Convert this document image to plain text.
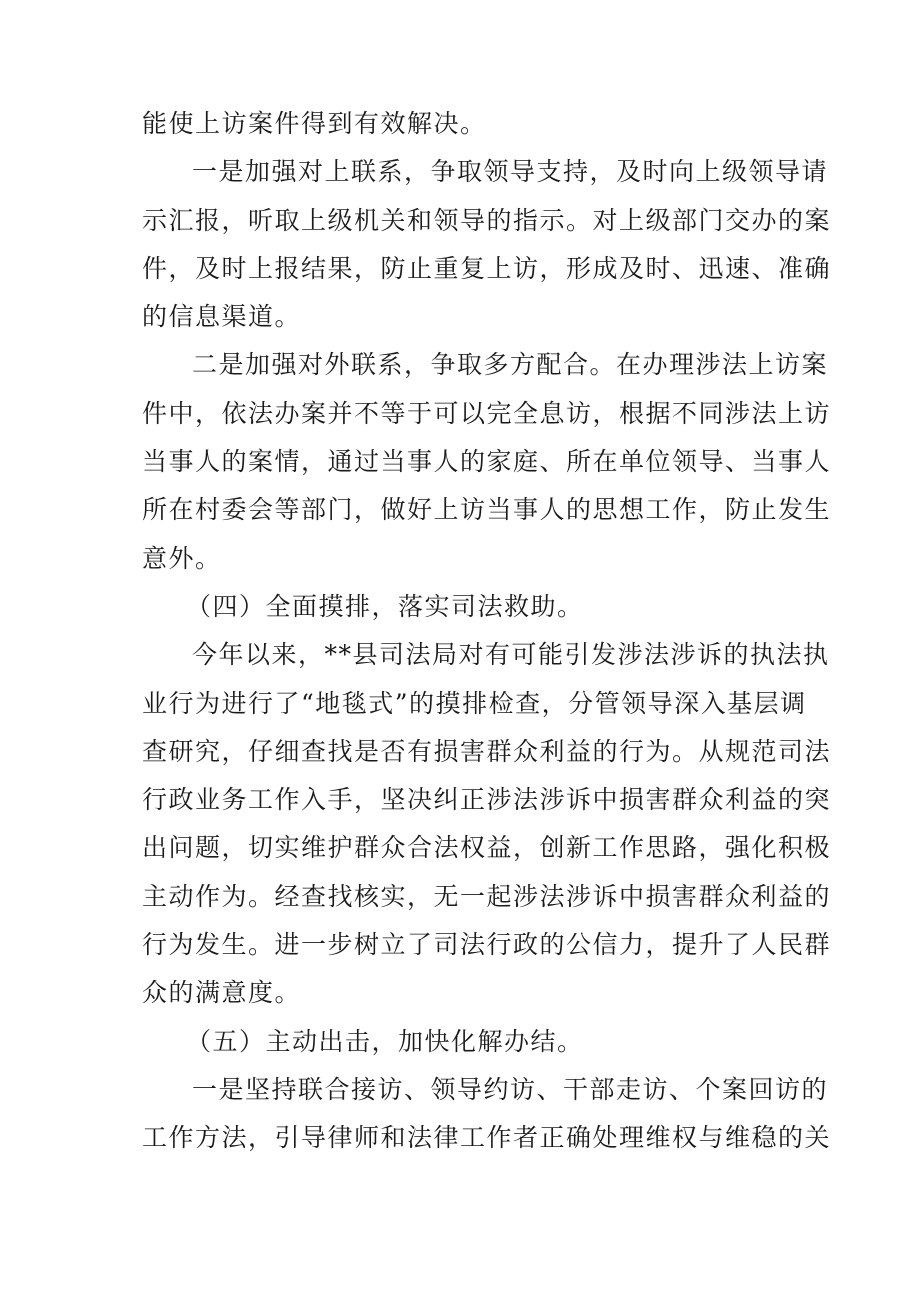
能使上访案件得到有效解决。
一是加强对上联系，争取领导支持，及时向上级领导请
示汇报，听取上级机关和领导的指示。对上级部门交办的案
件，及时上报结果，防止重复上访，形成及时、迅速、准确
的信息渠道。
二是加强对外联系，争取多方配合。在办理涉法上访案
件中，依法办案并不等于可以完全息访，根据不同涉法上访
当事人的案情，通过当事人的家庭、所在单位领导、当事人
所在村委会等部门，做好上访当事人的思想工作，防止发生
意外。
（四）全面摸排，落实司法救助。
今年以来，**县司法局对有可能引发涉法涉诉的执法执
业行为进行了“地毯式”的摸排检查，分管领导深入基层调
查研究，仔细查找是否有损害群众利益的行为。从规范司法
行政业务工作入手，坚决纠正涉法涉诉中损害群众利益的突
出问题，切实维护群众合法权益，创新工作思路，强化积极
主动作为。经查找核实，无一起涉法涉诉中损害群众利益的
行为发生。进一步树立了司法行政的公信力，提升了人民群
众的满意度。
（五）主动出击，加快化解办结。
一是坚持联合接访、领导约访、干部走访、个案回访的
工作方法，引导律师和法律工作者正确处理维权与维稳的关
